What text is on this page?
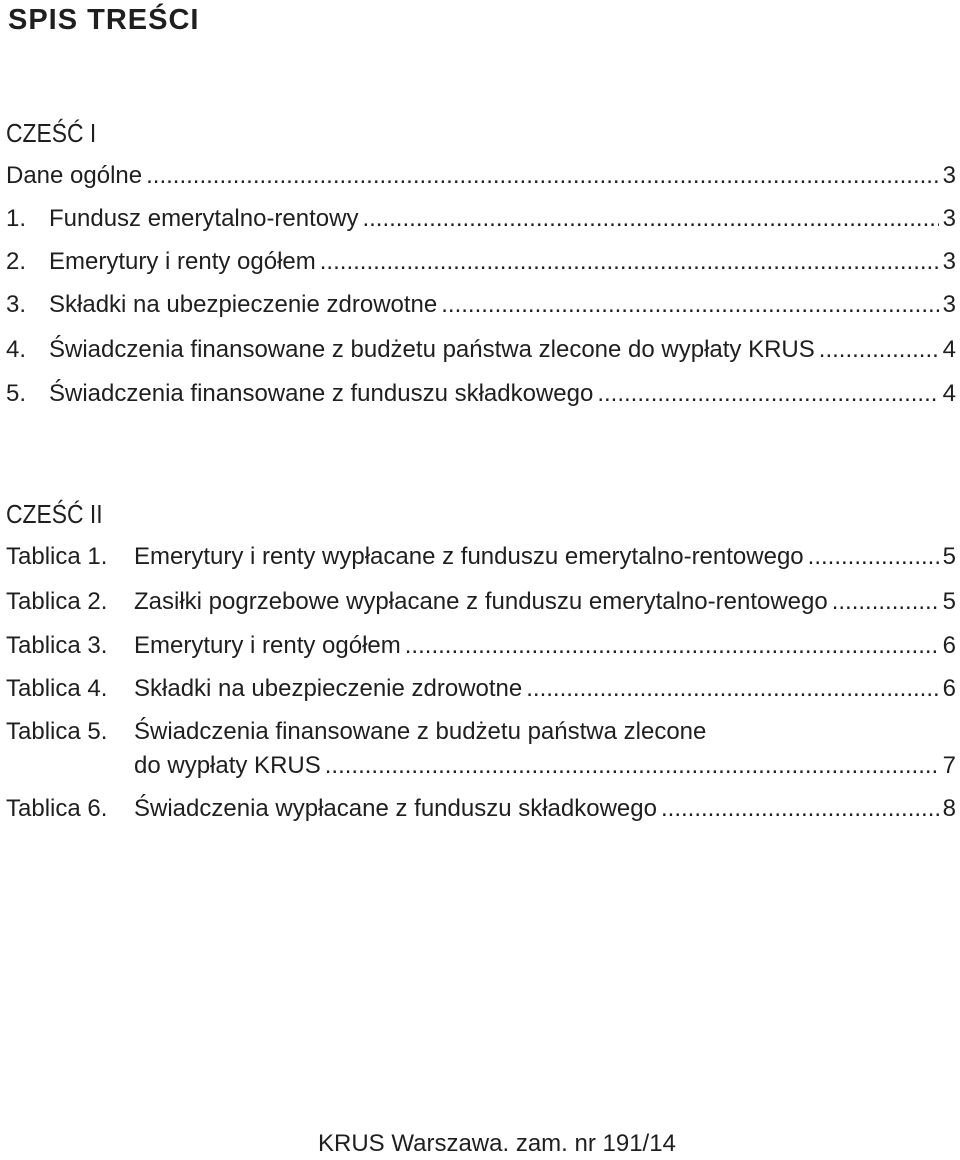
SPIS TREŚCI
CZEŚĆ I
Dane ogólne .....	3
1. Fundusz emerytalno-rentowy .....	3
2. Emerytury i renty ogółem .....	3
3. Składki na ubezpieczenie zdrowotne .....	3
4. Świadczenia finansowane z budżetu państwa zlecone do wypłaty KRUS .....	4
5. Świadczenia finansowane z funduszu składkowego .....	4
CZEŚĆ II
Tablica 1.	Emerytury i renty wypłacane z funduszu emerytalno-rentowego .....	5
Tablica 2.	Zasiłki pogrzebowe wypłacane z funduszu emerytalno-rentowego .....	5
Tablica 3.	Emerytury i renty ogółem .....	6
Tablica 4.	Składki na ubezpieczenie zdrowotne .....	6
Tablica 5.	Świadczenia finansowane z budżetu państwa zlecone
do wypłaty KRUS .....	7
Tablica 6.	Świadczenia wypłacane z funduszu składkowego .....	8
KRUS Warszawa. zam. nr 191/14
